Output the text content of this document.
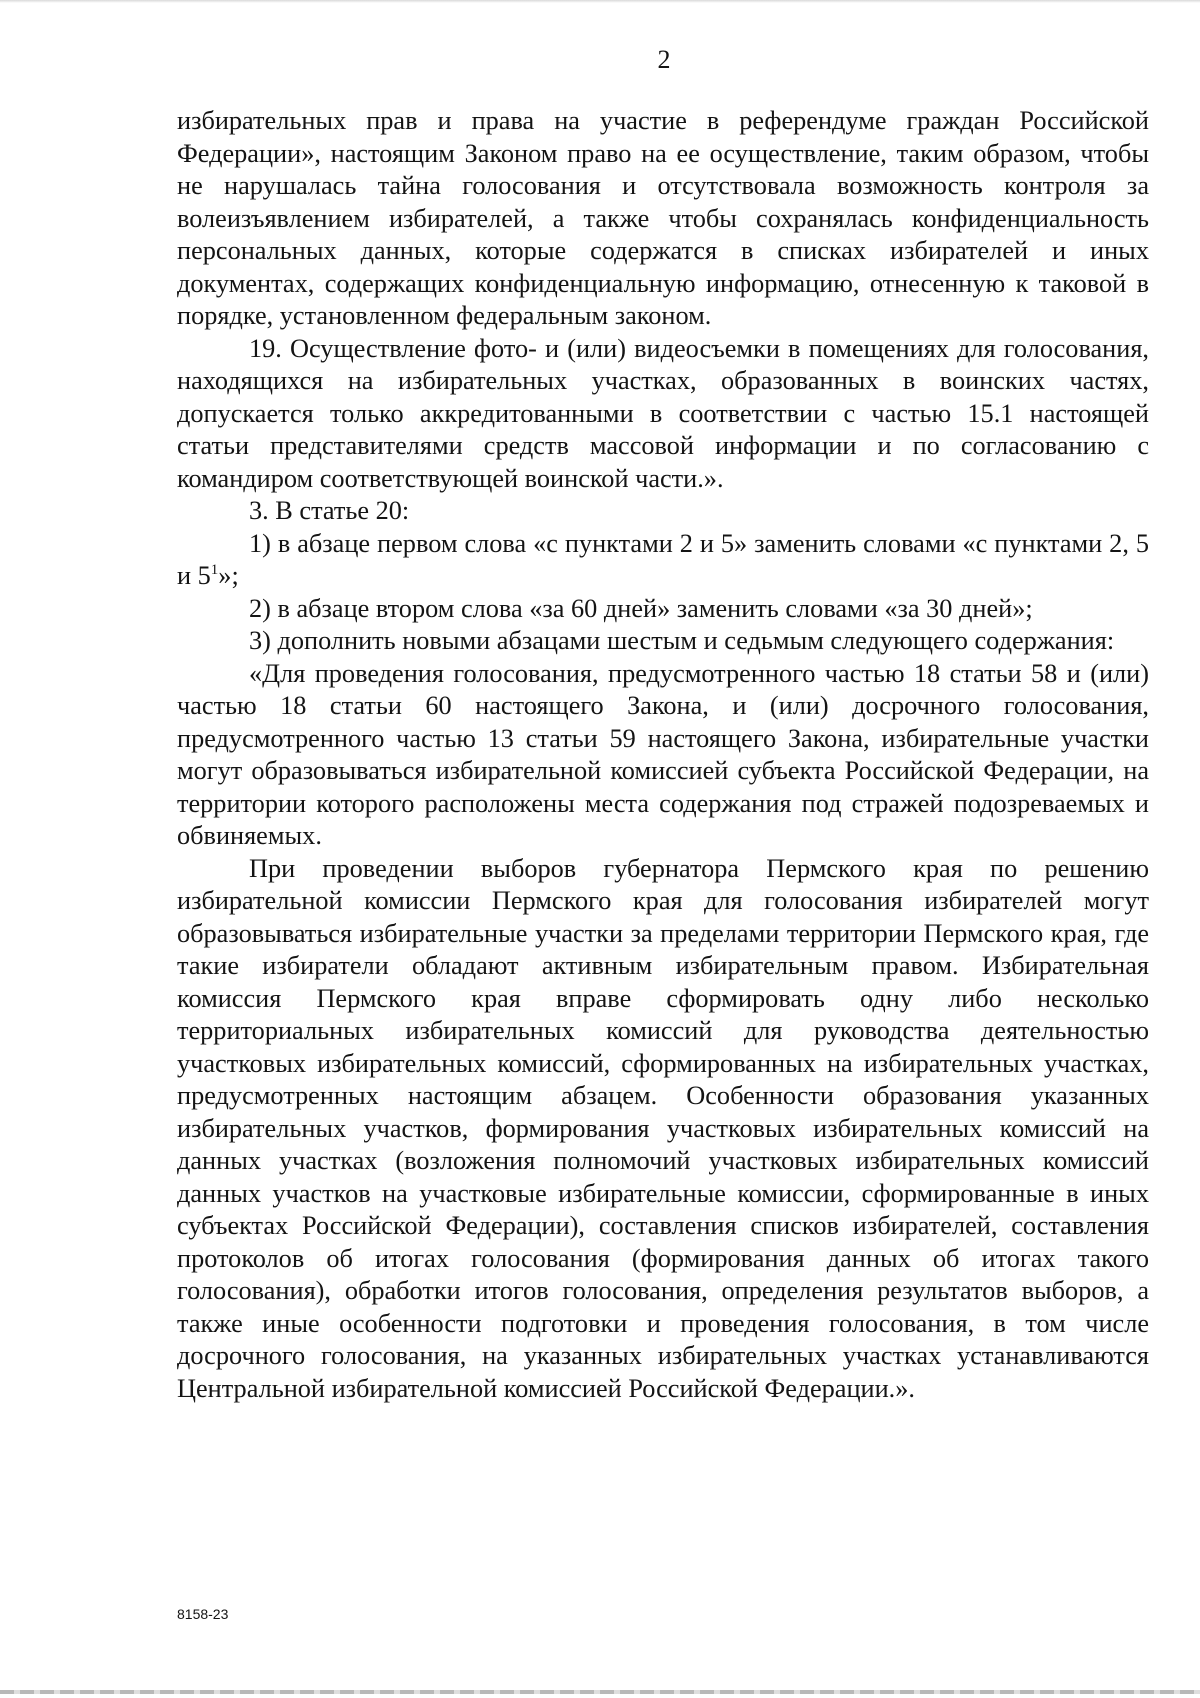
2

избирательных прав и права на участие в референдуме граждан Российской Федерации», настоящим Законом право на ее осуществление, таким образом, чтобы не нарушалась тайна голосования и отсутствовала возможность контроля за волеизъявлением избирателей, а также чтобы сохранялась конфиденциальность персональных данных, которые содержатся в списках избирателей и иных документах, содержащих конфиденциальную информацию, отнесенную к таковой в порядке, установленном федеральным законом.

19. Осуществление фото- и (или) видеосъемки в помещениях для голосования, находящихся на избирательных участках, образованных в воинских частях, допускается только аккредитованными в соответствии с частью 15.1 настоящей статьи представителями средств массовой информации и по согласованию с командиром соответствующей воинской части.».

3. В статье 20:

1) в абзаце первом слова «с пунктами 2 и 5» заменить словами «с пунктами 2, 5 и $5^1$»;

2) в абзаце втором слова «за 60 дней» заменить словами «за 30 дней»;

3) дополнить новыми абзацами шестым и седьмым следующего содержания:

«Для проведения голосования, предусмотренного частью 18 статьи 58 и (или) частью 18 статьи 60 настоящего Закона, и (или) досрочного голосования, предусмотренного частью 13 статьи 59 настоящего Закона, избирательные участки могут образовываться избирательной комиссией субъекта Российской Федерации, на территории которого расположены места содержания под стражей подозреваемых и обвиняемых.

При проведении выборов губернатора Пермского края по решению избирательной комиссии Пермского края для голосования избирателей могут образовываться избирательные участки за пределами территории Пермского края, где такие избиратели обладают активным избирательным правом. Избирательная комиссия Пермского края вправе сформировать одну либо несколько территориальных избирательных комиссий для руководства деятельностью участковых избирательных комиссий, сформированных на избирательных участках, предусмотренных настоящим абзацем. Особенности образования указанных избирательных участков, формирования участковых избирательных комиссий на данных участках (возложения полномочий участковых избирательных комиссий данных участков на участковые избирательные комиссии, сформированные в иных субъектах Российской Федерации), составления списков избирателей, составления протоколов об итогах голосования (формирования данных об итогах такого голосования), обработки итогов голосования, определения результатов выборов, а также иные особенности подготовки и проведения голосования, в том числе досрочного голосования, на указанных избирательных участках устанавливаются Центральной избирательной комиссией Российской Федерации.».

8158-23
